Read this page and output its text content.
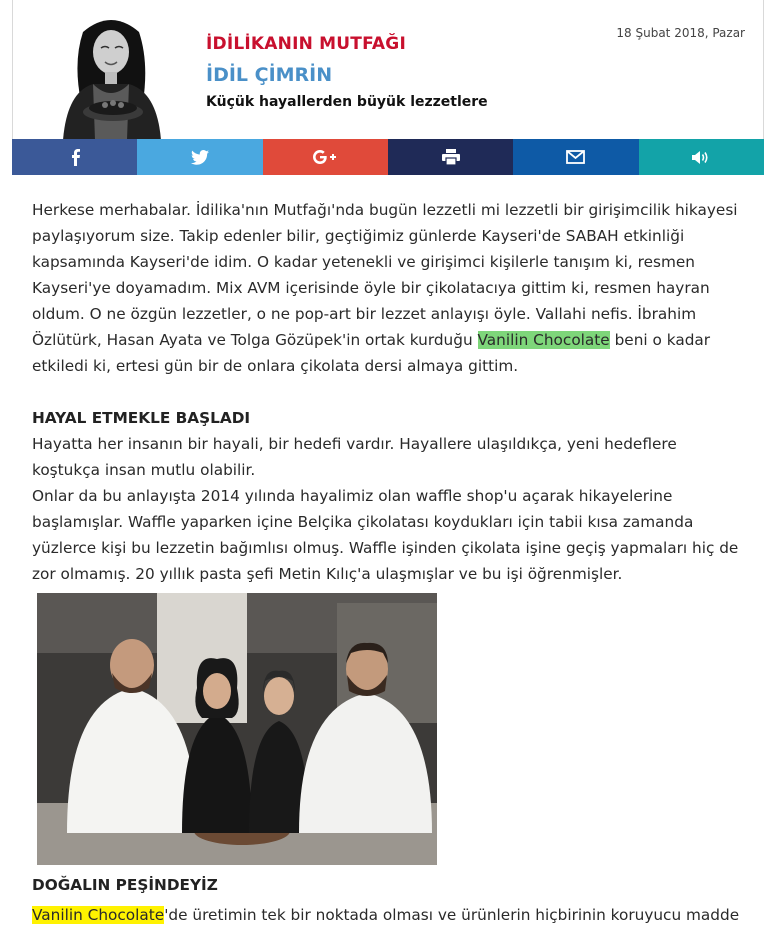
İDİLİKANIN MUTFAĞI
İDİL ÇİMRİN
Küçük hayallerden büyük lezzetlere
18 Şubat 2018, Pazar

Herkese merhabalar. İdilika'nın Mutfağı'nda bugün lezzetli mi lezzetli bir girişimcilik hikayesi paylaşıyorum size. Takip edenler bilir, geçtiğimiz günlerde Kayseri'de SABAH etkinliği kapsamında Kayseri'de idim. O kadar yetenekli ve girişimci kişilerle tanışım ki, resmen Kayseri'ye doyamadım. Mix AVM içerisinde öyle bir çikolatacıya gittim ki, resmen hayran oldum. O ne özgün lezzetler, o ne pop-art bir lezzet anlayışı öyle. Vallahi nefis. İbrahim Özlütürk, Hasan Ayata ve Tolga Gözüpek'in ortak kurduğu Vanilin Chocolate beni o kadar etkiledi ki, ertesi gün bir de onlara çikolata dersi almaya gittim.

HAYAL ETMEKLE BAŞLADI

Hayatta her insanın bir hayali, bir hedefi vardır. Hayallere ulaşıldıkça, yeni hedeflere koştukça insan mutlu olabilir.

Onlar da bu anlayışta 2014 yılında hayalimiz olan waffle shop'u açarak hikayelerine başlamışlar. Waffle yaparken içine Belçika çikolatası koydukları için tabii kısa zamanda yüzlerce kişi bu lezzetin bağımlısı olmuş. Waffle işinden çikolata işine geçiş yapmaları hiç de zor olmamış. 20 yıllık pasta şefi Metin Kılıç'a ulaşmışlar ve bu işi öğrenmişler.

DOĞALIN PEŞİNDEYİZ
Vanilin Chocolate'de üretimin tek bir noktada olması ve ürünlerin hiçbirinin koruyucu madde
